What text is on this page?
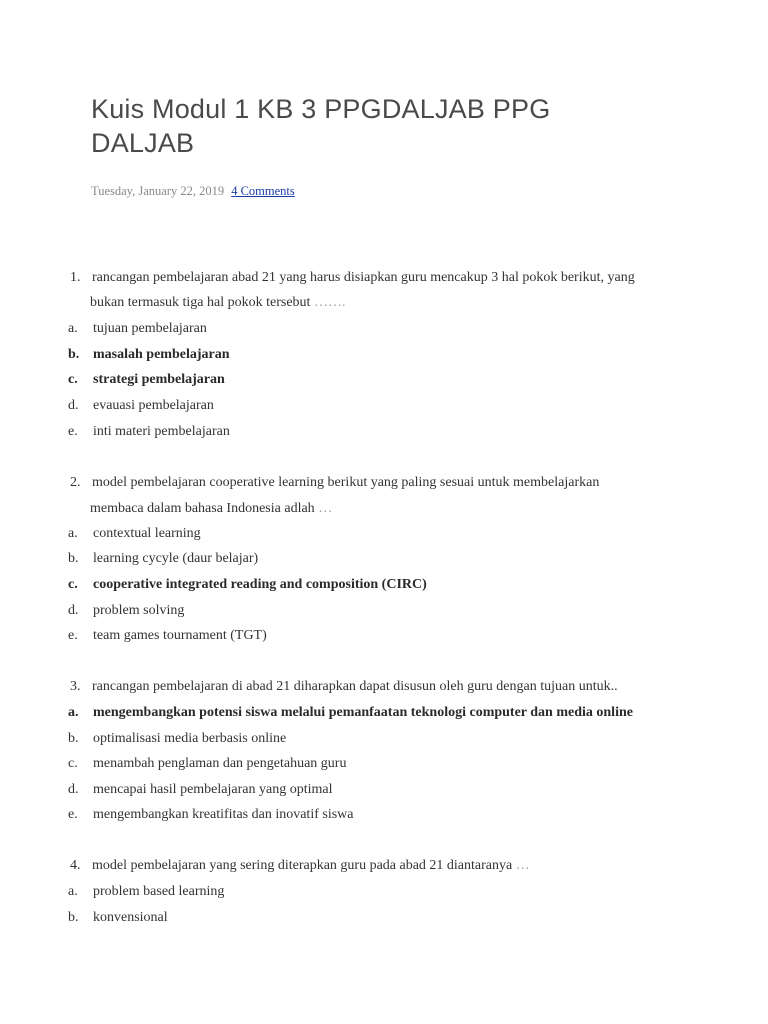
Kuis Modul 1 KB 3 PPGDALJAB PPG DALJAB
Tuesday, January 22, 2019 4 Comments
1. rancangan pembelajaran abad 21 yang harus disiapkan guru mencakup 3 hal pokok berikut, yang
bukan termasuk tiga hal pokok tersebut …….
a. tujuan pembelajaran
b. masalah pembelajaran
c. strategi pembelajaran
d. evauasi pembelajaran
e. inti materi pembelajaran
2. model pembelajaran cooperative learning berikut yang paling sesuai untuk membelajarkan
membaca dalam bahasa Indonesia adlah …
a. contextual learning
b. learning cycyle (daur belajar)
c. cooperative integrated reading and composition (CIRC)
d. problem solving
e. team games tournament (TGT)
3. rancangan pembelajaran di abad 21 diharapkan dapat disusun oleh guru dengan tujuan untuk..
a. mengembangkan potensi siswa melalui pemanfaatan teknologi computer dan media online
b. optimalisasi media berbasis online
c. menambah penglaman dan pengetahuan guru
d. mencapai hasil pembelajaran yang optimal
e. mengembangkan kreatifitas dan inovatif siswa
4. model pembelajaran yang sering diterapkan guru pada abad 21 diantaranya …
a. problem based learning
b. konvensional
